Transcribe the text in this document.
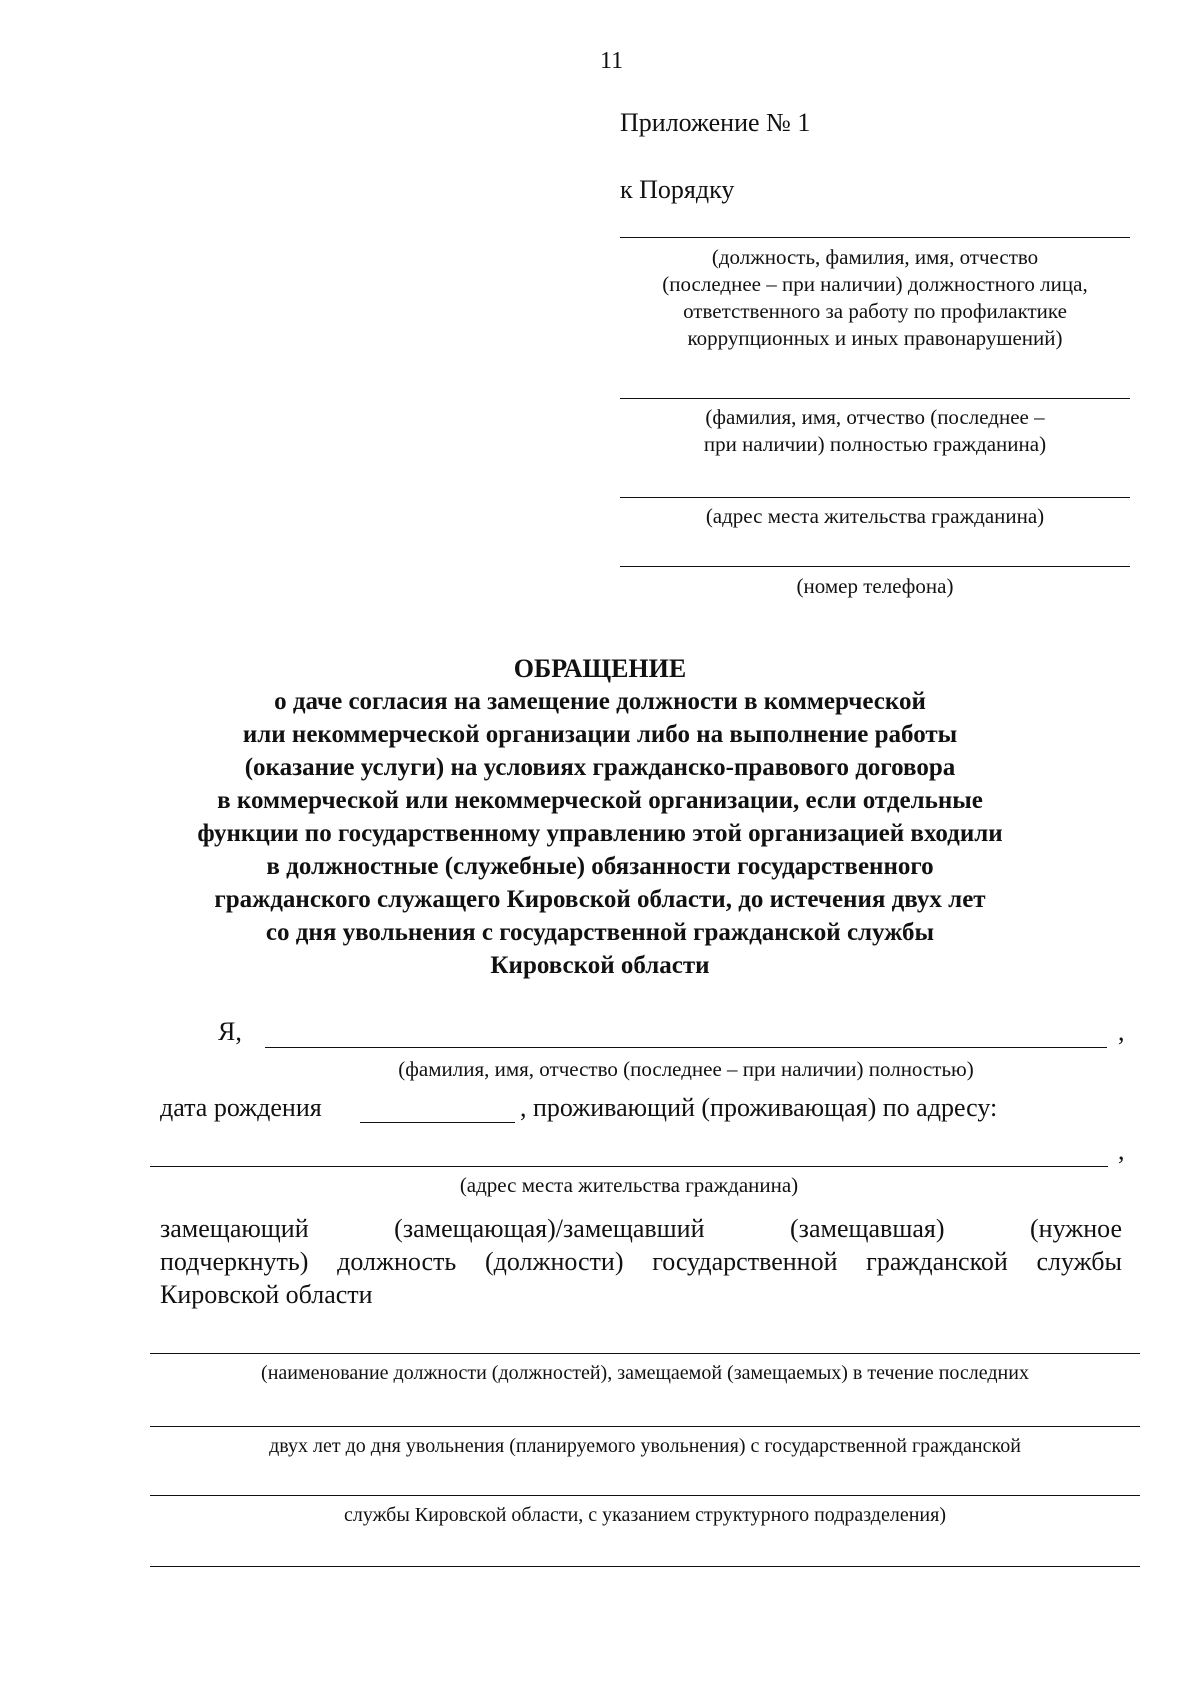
11
Приложение № 1
к Порядку
(должность, фамилия, имя, отчество
(последнее – при наличии) должностного лица,
ответственного за работу по профилактике
коррупционных и иных правонарушений)
(фамилия, имя, отчество (последнее –
при наличии) полностью гражданина)
(адрес места жительства гражданина)
(номер телефона)
ОБРАЩЕНИЕ
о даче согласия на замещение должности в коммерческой
или некоммерческой организации либо на выполнение работы
(оказание услуги) на условиях гражданско-правового договора
в коммерческой или некоммерческой организации, если отдельные
функции по государственному управлению этой организацией входили
в должностные (служебные) обязанности государственного
гражданского служащего Кировской области, до истечения двух лет
со дня увольнения с государственной гражданской службы
Кировской области
Я,	,
(фамилия, имя, отчество (последнее – при наличии) полностью)
дата рождения	, проживающий (проживающая) по адресу:
,
(адрес места жительства гражданина)
замещающий (замещающая)/замещавший (замещавшая) (нужное
подчеркнуть) должность (должности) государственной гражданской службы
Кировской области
(наименование должности (должностей), замещаемой (замещаемых) в течение последних
двух лет до дня увольнения (планируемого увольнения) с государственной гражданской
службы Кировской области, с указанием структурного подразделения)
